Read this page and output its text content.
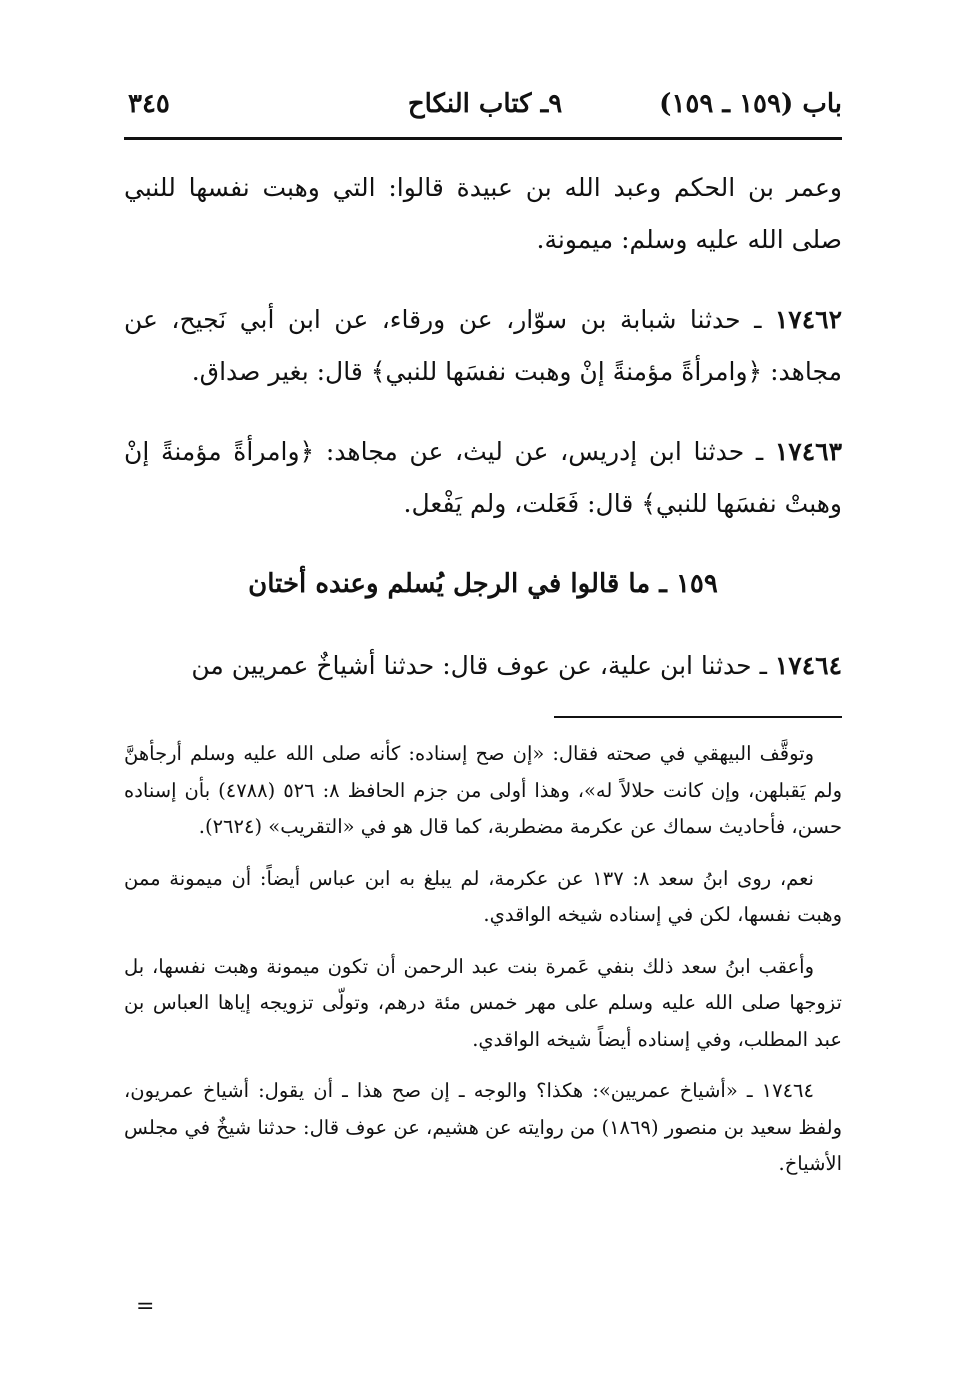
باب (١٥٩ ـ ١٥٩)
٩ـ كتاب النكاح
٣٤٥

وعمر بن الحكم وعبد الله بن عبيدة قالوا: التي وهبت نفسها للنبي صلى الله عليه وسلم: ميمونة.

١٧٤٦٢ ـ حدثنا شبابة بن سوّار، عن ورقاء، عن ابن أبي نَجيح، عن مجاهد: ﴿وامرأةً مؤمنةً إنْ وهبت نفسَها للنبي﴾ قال: بغير صداق.

١٧٤٦٣ ـ حدثنا ابن إدريس، عن ليث، عن مجاهد: ﴿وامرأةً مؤمنةً إنْ وهبتْ نفسَها للنبي﴾ قال: فَعَلت، ولم يَفْعل.

١٥٩ ـ ما قالوا في الرجل يُسلم وعنده أختان

١٧٤٦٤ ـ حدثنا ابن علية، عن عوف قال: حدثنا أشياخٌ عمريين من

وتوقَّف البيهقي في صحته فقال: «إن صح إسناده: كأنه صلى الله عليه وسلم أرجأهنَّ ولم يَقبلهن، وإن كانت حلالاً له»، وهذا أولى من جزم الحافظ ٨: ٥٢٦ (٤٧٨٨) بأن إسناده حسن، فأحاديث سماك عن عكرمة مضطربة، كما قال هو في «التقريب» (٢٦٢٤).

نعم، روى ابنُ سعد ٨: ١٣٧ عن عكرمة، لم يبلغ به ابن عباس أيضاً: أن ميمونة ممن وهبت نفسها، لكن في إسناده شيخه الواقدي.

وأعقب ابنُ سعد ذلك بنفي عَمرة بنت عبد الرحمن أن تكون ميمونة وهبت نفسها، بل تزوجها صلى الله عليه وسلم على مهر خمس مئة درهم، وتولّى تزويجه إياها العباس بن عبد المطلب، وفي إسناده أيضاً شيخه الواقدي.

١٧٤٦٤ ـ «أشياخ عمريين»: هكذا؟ والوجه ـ إن صح هذا ـ أن يقول: أشياخ عمريون، ولفظ سعيد بن منصور (١٨٦٩) من روايته عن هشيم، عن عوف قال: حدثنا شيخٌ في مجلس الأشياخ.

=
